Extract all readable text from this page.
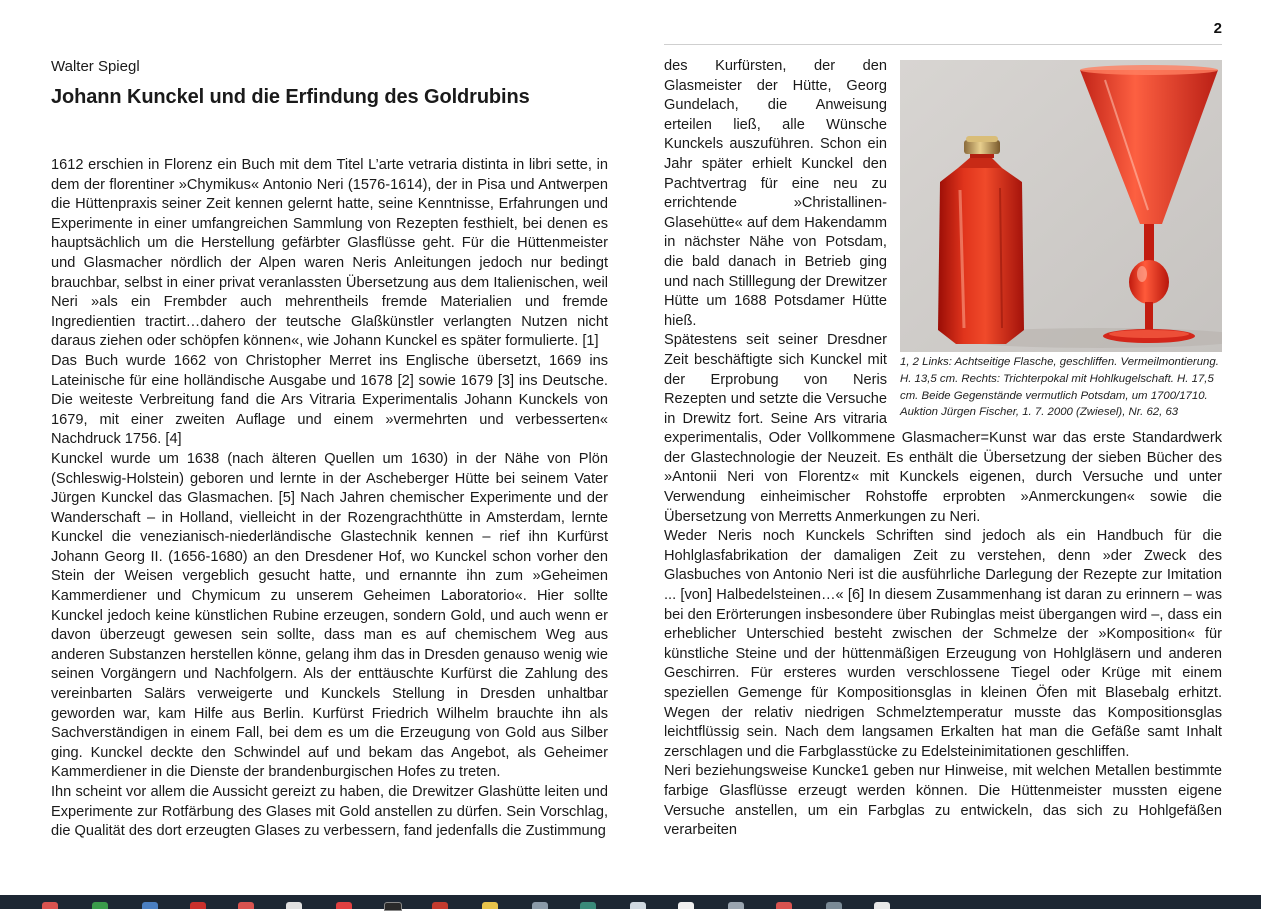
2
Walter Spiegl
Johann Kunckel und die Erfindung des Goldrubins

1612 erschien in Florenz ein Buch mit dem Titel L’arte vetraria distinta in libri sette, in dem der florentiner »Chymikus« Antonio Neri (1576-1614), der in Pisa und Antwerpen die Hüttenpraxis seiner Zeit kennen gelernt hatte, seine Kenntnisse, Erfahrungen und Experimente in einer umfangreichen Sammlung von Rezepten festhielt, bei denen es hauptsächlich um die Herstellung gefärbter Glasflüsse geht. Für die Hüttenmeister und Glasmacher nördlich der Alpen waren Neris Anleitungen jedoch nur bedingt brauchbar, selbst in einer privat veranlassten Übersetzung aus dem Italienischen, weil Neri »als ein Frembder auch mehrentheils fremde Materialien und fremde Ingredientien tractirt…dahero der teutsche Glaßkünstler verlangten Nutzen nicht daraus ziehen oder schöpfen können«, wie Johann Kunckel es später formulierte. [1]

Das Buch wurde 1662 von Christopher Merret ins Englische übersetzt, 1669 ins Lateinische für eine holländische Ausgabe und 1678 [2] sowie 1679 [3] ins Deutsche. Die weiteste Verbreitung fand die Ars Vitraria Experimentalis Johann Kunckels von 1679, mit einer zweiten Auflage und einem »vermehrten und verbesserten« Nachdruck 1756. [4]

Kunckel wurde um 1638 (nach älteren Quellen um 1630) in der Nähe von Plön (Schleswig-Holstein) geboren und lernte in der Ascheberger Hütte bei seinem Vater Jürgen Kunckel das Glasmachen. [5] Nach Jahren chemischer Experimente und der Wanderschaft – in Holland, vielleicht in der Rozengrachthütte in Amsterdam, lernte Kunckel die venezianisch-niederländische Glastechnik kennen – rief ihn Kurfürst Johann Georg II. (1656-1680) an den Dresdener Hof, wo Kunckel schon vorher den Stein der Weisen vergeblich gesucht hatte, und ernannte ihn zum »Geheimen Kammerdiener und Chymicum zu unserem Geheimen Laboratorio«. Hier sollte Kunckel jedoch keine künstlichen Rubine erzeugen, sondern Gold, und auch wenn er davon überzeugt gewesen sein sollte, dass man es auf chemischem Weg aus anderen Substanzen herstellen könne, gelang ihm das in Dresden genauso wenig wie seinen Vorgängern und Nachfolgern. Als der enttäuschte Kurfürst die Zahlung des vereinbarten Salärs verweigerte und Kunckels Stellung in Dresden unhaltbar geworden war, kam Hilfe aus Berlin. Kurfürst Friedrich Wilhelm brauchte ihn als Sachverständigen in einem Fall, bei dem es um die Erzeugung von Gold aus Silber ging. Kunckel deckte den Schwindel auf und bekam das Angebot, als Geheimer Kammerdiener in die Dienste der brandenburgischen Hofes zu treten.

Ihn scheint vor allem die Aussicht gereizt zu haben, die Drewitzer Glashütte leiten und Experimente zur Rotfärbung des Glases mit Gold anstellen zu dürfen. Sein Vorschlag, die Qualität des dort erzeugten Glases zu verbessern, fand jedenfalls die Zustimmung

1, 2 Links: Achtseitige Flasche, geschliffen. Vermeilmontierung. H. 13,5 cm. Rechts: Trichterpokal mit Hohlkugelschaft. H. 17,5 cm. Beide Gegenstände vermutlich Potsdam, um 1700/1710. Auktion Jürgen Fischer, 1. 7. 2000 (Zwiesel), Nr. 62, 63

des Kurfürsten, der den Glasmeister der Hütte, Georg Gundelach, die Anweisung erteilen ließ, alle Wünsche Kunckels auszuführen. Schon ein Jahr später erhielt Kunckel den Pachtvertrag für eine neu zu errichtende »Christallinen-Glasehütte« auf dem Hakendamm in nächster Nähe von Potsdam, die bald danach in Betrieb ging und nach Stilllegung der Drewitzer Hütte um 1688 Potsdamer Hütte hieß.

Spätestens seit seiner Dresdner Zeit beschäftigte sich Kunckel mit der Erprobung von Neris Rezepten und setzte die Versuche in Drewitz fort. Seine Ars vitraria experimentalis, Oder Vollkommene Glasmacher=Kunst war das erste Standardwerk der Glastechnologie der Neuzeit. Es enthält die Übersetzung der sieben Bücher des »Antonii Neri von Florentz« mit Kunckels eigenen, durch Versuche und unter Verwendung einheimischer Rohstoffe erprobten »Anmerckungen« sowie die Übersetzung von Merretts Anmerkungen zu Neri.

Weder Neris noch Kunckels Schriften sind jedoch als ein Handbuch für die Hohlglasfabrikation der damaligen Zeit zu verstehen, denn »der Zweck des Glasbuches von Antonio Neri ist die ausführliche Darlegung der Rezepte zur Imitation ... [von] Halbedelsteinen…« [6] In diesem Zusammenhang ist daran zu erinnern – was bei den Erörterungen insbesondere über Rubinglas meist übergangen wird –, dass ein erheblicher Unterschied besteht zwischen der Schmelze der »Komposition« für künstliche Steine und der hüttenmäßigen Erzeugung von Hohlgläsern und anderen Geschirren. Für ersteres wurden verschlossene Tiegel oder Krüge mit einem speziellen Gemenge für Kompositionsglas in kleinen Öfen mit Blasebalg erhitzt. Wegen der relativ niedrigen Schmelztemperatur musste das Kompositionsglas leichtflüssig sein. Nach dem langsamen Erkalten hat man die Gefäße samt Inhalt zerschlagen und die Farbglasstücke zu Edelsteinimitationen geschliffen.

Neri beziehungsweise Kuncke1 geben nur Hinweise, mit welchen Metallen bestimmte farbige Glasflüsse erzeugt werden können. Die Hüttenmeister mussten eigene Versuche anstellen, um ein Farbglas zu entwickeln, das sich zu Hohlgefäßen verarbeiten
